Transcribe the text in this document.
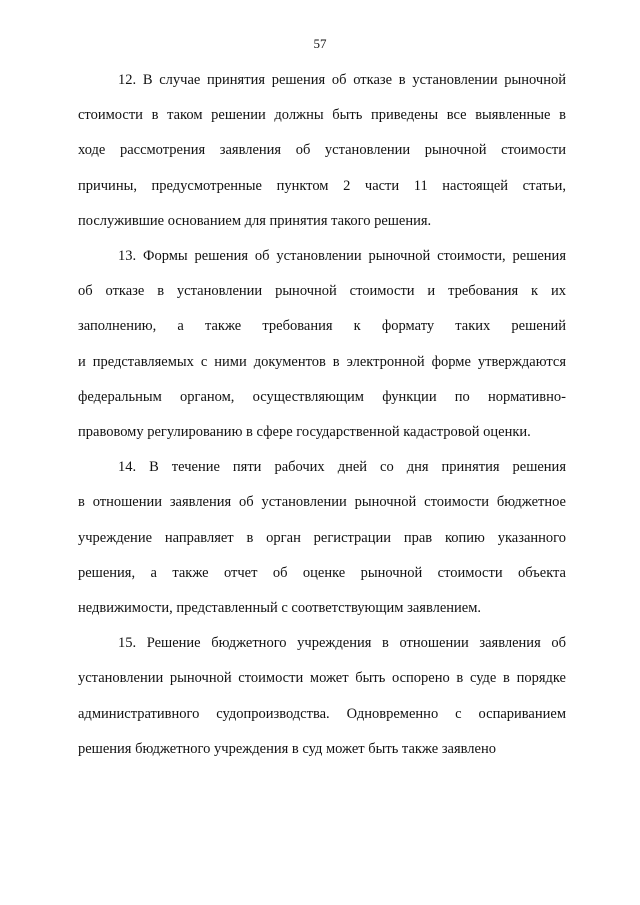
57
12. В случае принятия решения об отказе в установлении рыночной
стоимости в таком решении должны быть приведены все выявленные в
ходе рассмотрения заявления об установлении рыночной стоимости
причины, предусмотренные пунктом 2 части 11 настоящей статьи,
послужившие основанием для принятия такого решения.
13. Формы решения об установлении рыночной стоимости, решения
об отказе в установлении рыночной стоимости и требования к их
заполнению, а также требования к формату таких решений
и представляемых с ними документов в электронной форме утверждаются
федеральным органом, осуществляющим функции по нормативно-
правовому регулированию в сфере государственной кадастровой оценки.
14. В течение пяти рабочих дней со дня принятия решения
в отношении заявления об установлении рыночной стоимости бюджетное
учреждение направляет в орган регистрации прав копию указанного
решения, а также отчет об оценке рыночной стоимости объекта
недвижимости, представленный с соответствующим заявлением.
15. Решение бюджетного учреждения в отношении заявления об
установлении рыночной стоимости может быть оспорено в суде в порядке
административного судопроизводства. Одновременно с оспариванием
решения бюджетного учреждения в суд может быть также заявлено
